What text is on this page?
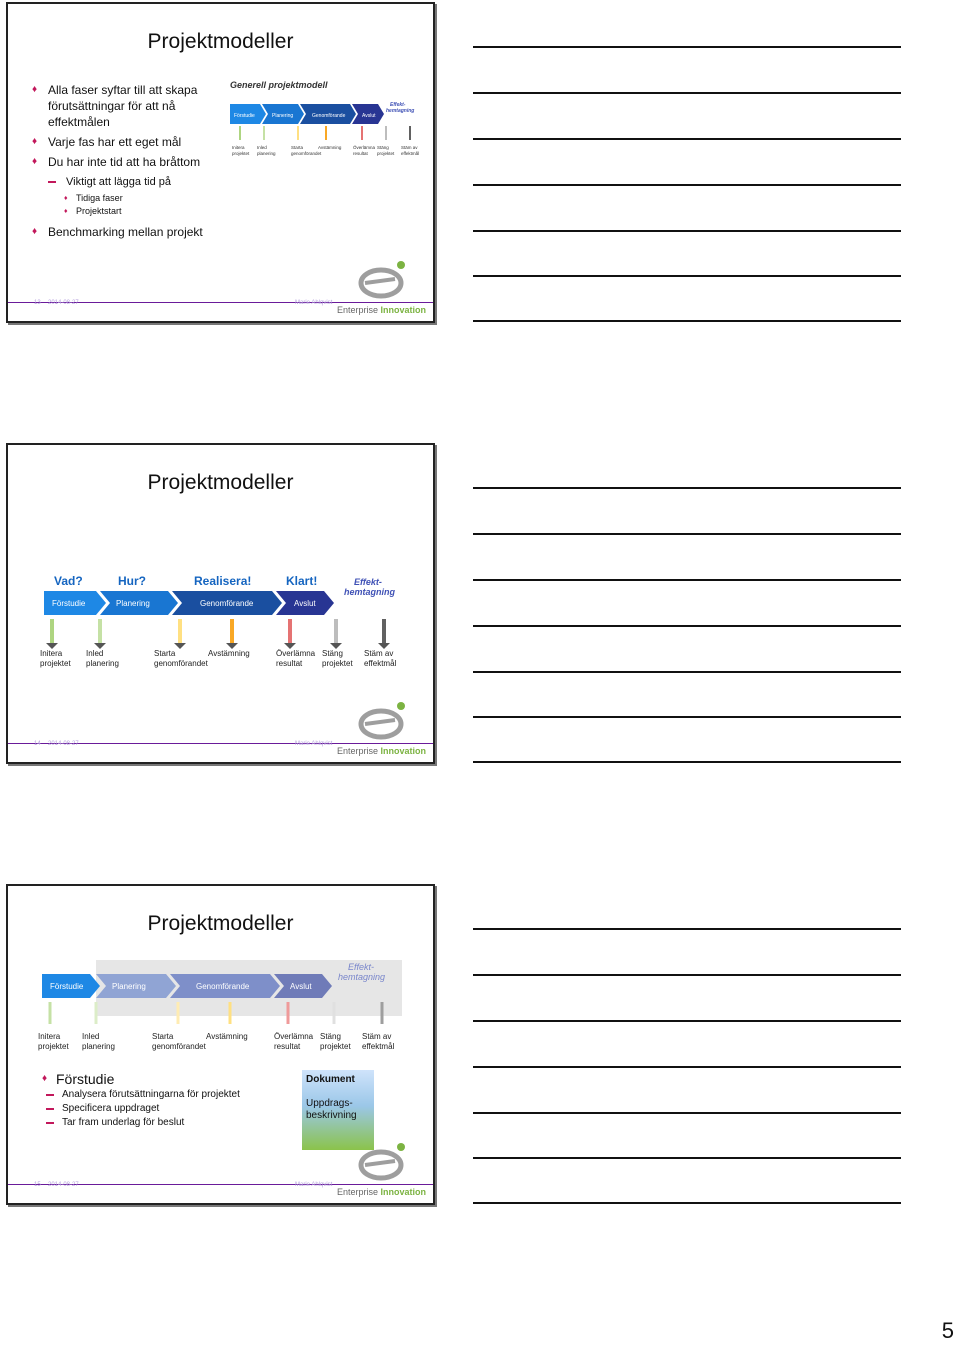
Projektmodeller
♦ Alla faser syftar till att skapa förutsättningar för att nå effektmålen
♦ Varje fas har ett eget mål
♦ Du har inte tid att ha bråttom
Viktigt att lägga tid på
♦ Tidiga faser
♦ Projektstart
♦ Benchmarking mellan projekt
Generell projektmodell
Förstudie	Planering	Genomförande	Avslut
Effekt-
hemtagning
Initera
projektet
Inled
planering
Starta
genomförandet
Avstämning	Överlämna
resultat
Stäng
projektet
Stäm av
effektmål
13 2014-08-27	Marie Ahlqvist
Enterprise Innovation
Projektmodeller
Vad?	Hur?	Realisera!	Klart!	Effekt-
hemtagning
Förstudie	Planering	Genomförande	Avslut
Initera
projektet
Inled
planering
Starta
genomförandet
Avstämning	Överlämna
resultat
Stäng
projektet
Stäm av
effektmål
14 2014-08-27	Marie Ahlqvist
Enterprise Innovation
Projektmodeller
Förstudie	Planering	Genomförande	Avslut
Effekt-
hemtagning
Initera
projektet
Inled
planering
Starta
genomförandet
Avstämning	Överlämna
resultat
Stäng
projektet
Stäm av
effektmål
♦ Förstudie
Analysera förutsättningarna för projektet
Specificera uppdraget
Tar fram underlag för beslut
Dokument
Uppdrags-beskrivning
15 2014-08-27	Marie Ahlqvist
Enterprise Innovation
5
